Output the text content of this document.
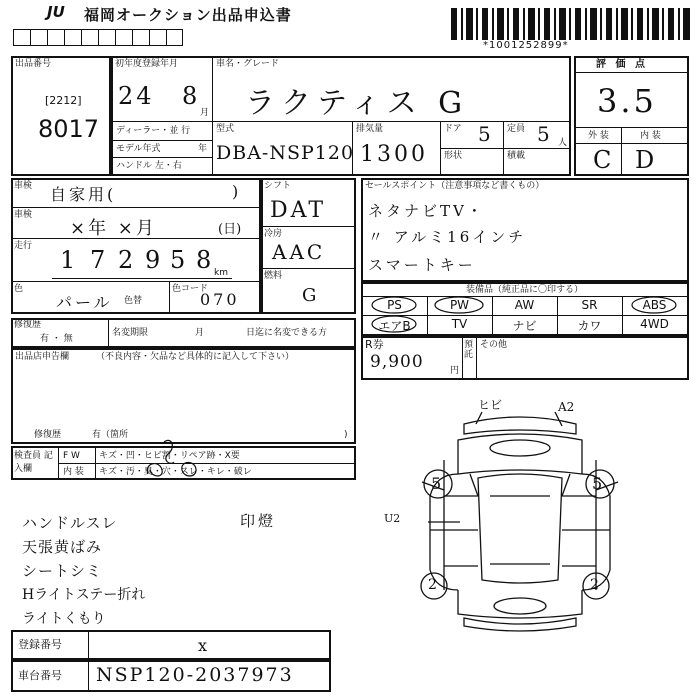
JU 福岡オークション出品申込書
*1001252899*
出品番号
[2212]
8017
初年度登録年月
24 8
月
車名・グレード
ラクティス G
ディーラー・並 行
モデル年式	年
ハンドル 左・右
型式
DBA-NSP120
排気量
1300
ドア 5 定員 5 人
形状	積載
評 価 点
3.5
外 装	内 装
C D
車検 自家用(	)
車検
×年 ×月	(日)
走行 1 7 2 9 5 8 km
色
パール 色替
色コード
070
シフト
DAT
冷房
AAC
燃料
G
セールスポイント（注意事項など書くもの）
ネタナビTV・
〃 アルミ16インチ
スマートキー
装備品（純正品に〇印する）
PS	PW	AW	SR	ABS
エアB	TV	ナビ	カワ	4WD
R券
9,900	円
預託
その他
修復歴
有 ・ 無
名変期限	月	日迄に名変できる方
出品店申告欄	（不良内容・欠品など具体的に記入して下さい）
修復歴	有（箇所	)
検査員 記入欄
F W キズ・凹・ヒビ割・リペア跡・X要
内 装 キズ・汚・臭・穴・スレ・キレ・破レ
ハンドルスレ
天張黄ばみ
シートシミ
Hライトステー折れ
ライトくもり
印燈
登録番号	x
車台番号 NSP120-2037973
ヒビ	A2
U2
5	5
2	2
